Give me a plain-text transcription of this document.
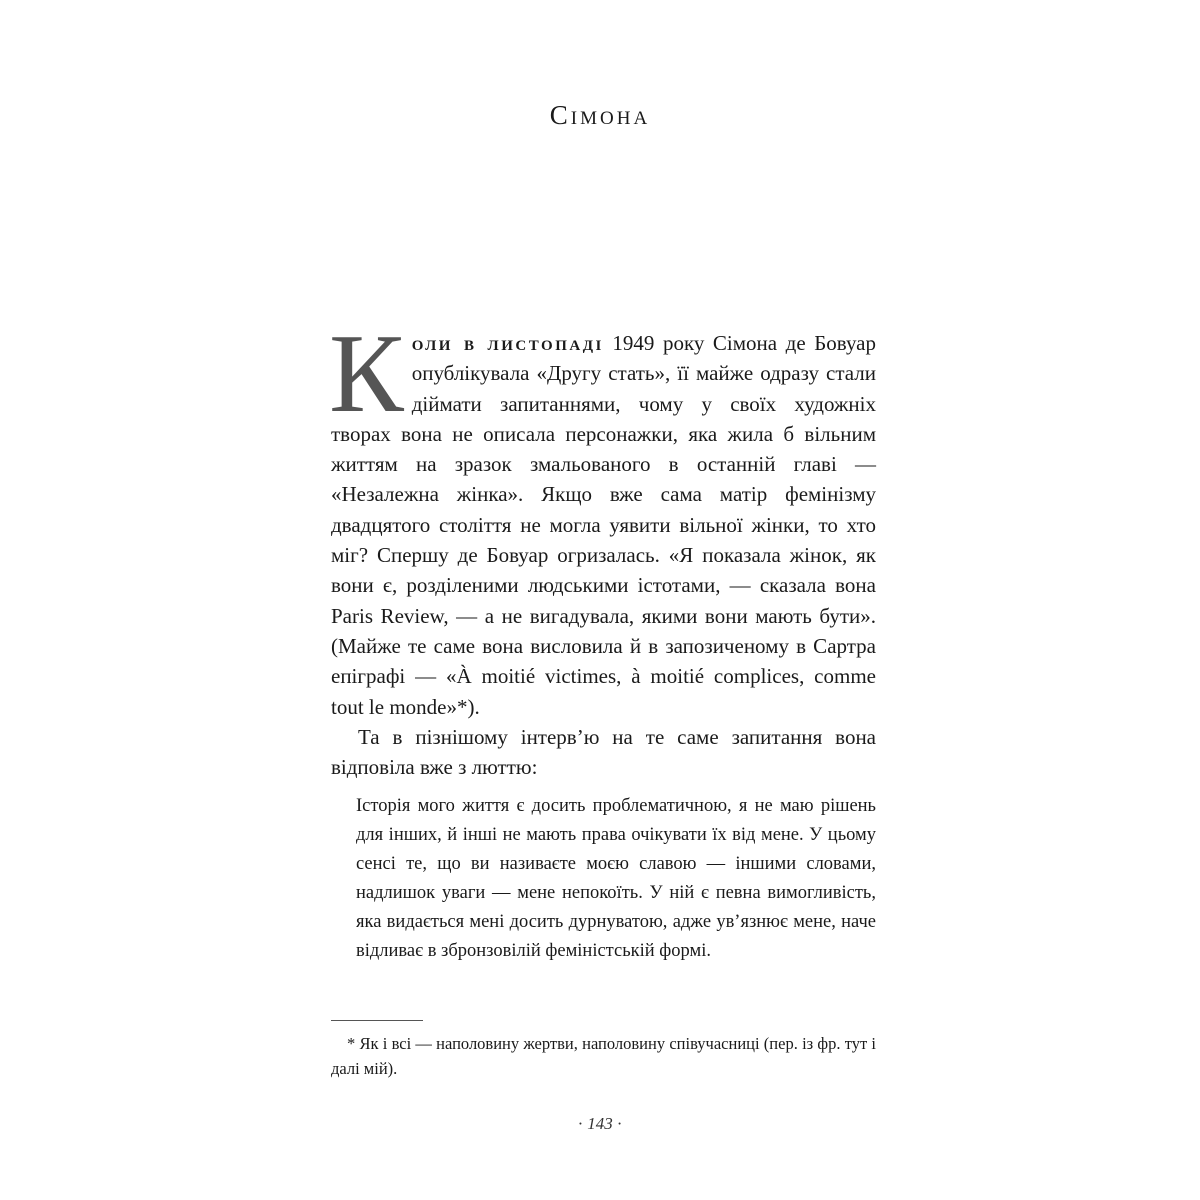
Сімона

Коли в листопаді 1949 року Сімона де Бовуар опублікувала «Другу стать», її майже одразу стали діймати запитаннями, чому у своїх художніх творах вона не описала персонажки, яка жила б вільним життям на зразок змальованого в останній главі — «Незалежна жінка». Якщо вже сама матір фемінізму двадцятого століття не могла уявити вільної жінки, то хто міг? Спершу де Бовуар огризалась. «Я показала жінок, як вони є, розділеними людськими істотами, — сказала вона Paris Review, — а не вигадувала, якими вони мають бути». (Майже те саме вона висловила й в запозиченому в Сартра епіграфі — «À moitié victimes, à moitié complices, comme tout le monde»*).

Та в пізнішому інтерв’ю на те саме запитання вона відповіла вже з люттю:

Історія мого життя є досить проблематичною, я не маю рішень для інших, й інші не мають права очікувати їх від мене. У цьому сенсі те, що ви називаєте моєю славою — іншими словами, надлишок уваги — мене непокоїть. У ній є певна вимогливість, яка видається мені досить дурнуватою, адже ув’язнює мене, наче відливає в збронзовілій феміністській формі.

* Як і всі — наполовину жертви, наполовину співучасниці (пер. із фр. тут і далі мій).

· 143 ·
